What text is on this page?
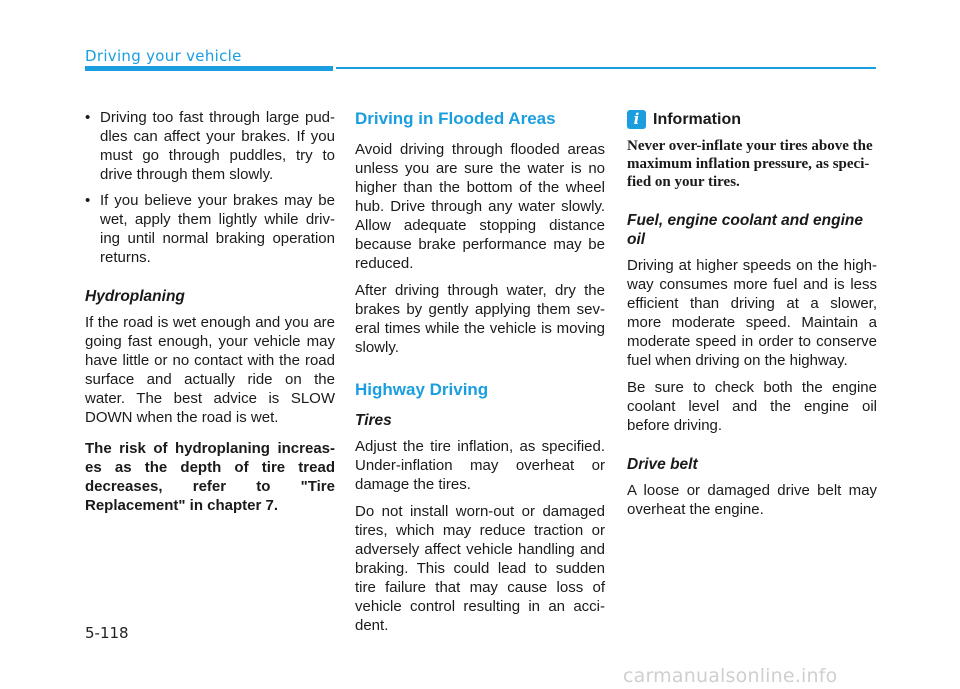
Driving your vehicle
• Driving too fast through large pud-dles can affect your brakes. If you must go through puddles, try to drive through them slowly.
• If you believe your brakes may be wet, apply them lightly while driv-ing until normal braking operation returns.
Hydroplaning

If the road is wet enough and you are going fast enough, your vehicle may have little or no contact with the road surface and actually ride on the water. The best advice is SLOW DOWN when the road is wet.

The risk of hydroplaning increas-es as the depth of tire tread decreases, refer to "Tire Replacement" in chapter 7.

Driving in Flooded Areas

Avoid driving through flooded areas unless you are sure the water is no higher than the bottom of the wheel hub. Drive through any water slowly. Allow adequate stopping distance because brake performance may be reduced.

After driving through water, dry the brakes by gently applying them sev-eral times while the vehicle is moving slowly.

Highway Driving
Tires

Adjust the tire inflation, as specified. Under-inflation may overheat or damage the tires.

Do not install worn-out or damaged tires, which may reduce traction or adversely affect vehicle handling and braking. This could lead to sudden tire failure that may cause loss of vehicle control resulting in an acci-dent.

i Information

Never over-inflate your tires above the maximum inflation pressure, as speci-fied on your tires.

Fuel, engine coolant and engine oil

Driving at higher speeds on the high-way consumes more fuel and is less efficient than driving at a slower, more moderate speed. Maintain a moderate speed in order to conserve fuel when driving on the highway.

Be sure to check both the engine coolant level and the engine oil before driving.

Drive belt

A loose or damaged drive belt may overheat the engine.

5-118
carmanualsonline.info
